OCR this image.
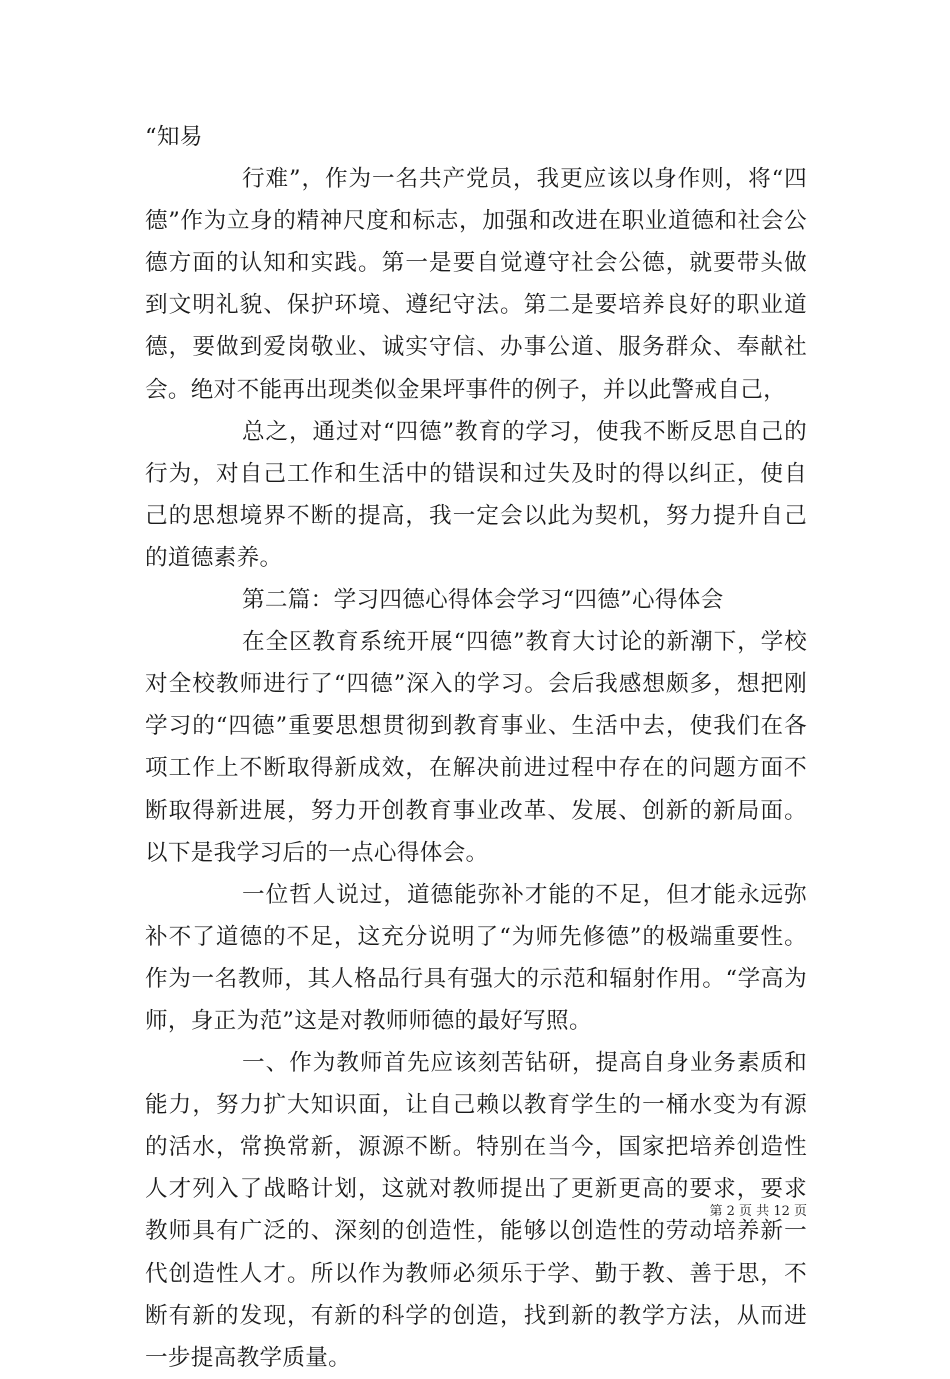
“知易

行难”，作为一名共产党员，我更应该以身作则，将“四德”作为立身的精神尺度和标志，加强和改进在职业道德和社会公德方面的认知和实践。第一是要自觉遵守社会公德，就要带头做到文明礼貌、保护环境、遵纪守法。第二是要培养良好的职业道德，要做到爱岗敬业、诚实守信、办事公道、服务群众、奉献社会。绝对不能再出现类似金果坪事件的例子，并以此警戒自己，

总之，通过对“四德”教育的学习，使我不断反思自己的行为，对自己工作和生活中的错误和过失及时的得以纠正，使自己的思想境界不断的提高，我一定会以此为契机，努力提升自己的道德素养。

第二篇：学习四德心得体会学习“四德”心得体会

在全区教育系统开展“四德”教育大讨论的新潮下，学校对全校教师进行了“四德”深入的学习。会后我感想颇多，想把刚学习的“四德”重要思想贯彻到教育事业、生活中去，使我们在各项工作上不断取得新成效，在解决前进过程中存在的问题方面不断取得新进展，努力开创教育事业改革、发展、创新的新局面。以下是我学习后的一点心得体会。

一位哲人说过，道德能弥补才能的不足，但才能永远弥补不了道德的不足，这充分说明了“为师先修德”的极端重要性。作为一名教师，其人格品行具有强大的示范和辐射作用。“学高为师，身正为范”这是对教师师德的最好写照。

一、作为教师首先应该刻苦钻研，提高自身业务素质和能力，努力扩大知识面，让自己赖以教育学生的一桶水变为有源的活水，常换常新，源源不断。特别在当今，国家把培养创造性人才列入了战略计划，这就对教师提出了更新更高的要求，要求教师具有广泛的、深刻的创造性，能够以创造性的劳动培养新一代创造性人才。所以作为教师必须乐于学、勤于教、善于思，不断有新的发现，有新的科学的创造，找到新的教学方法，从而进一步提高教学质量。

第 2 页 共 12 页
